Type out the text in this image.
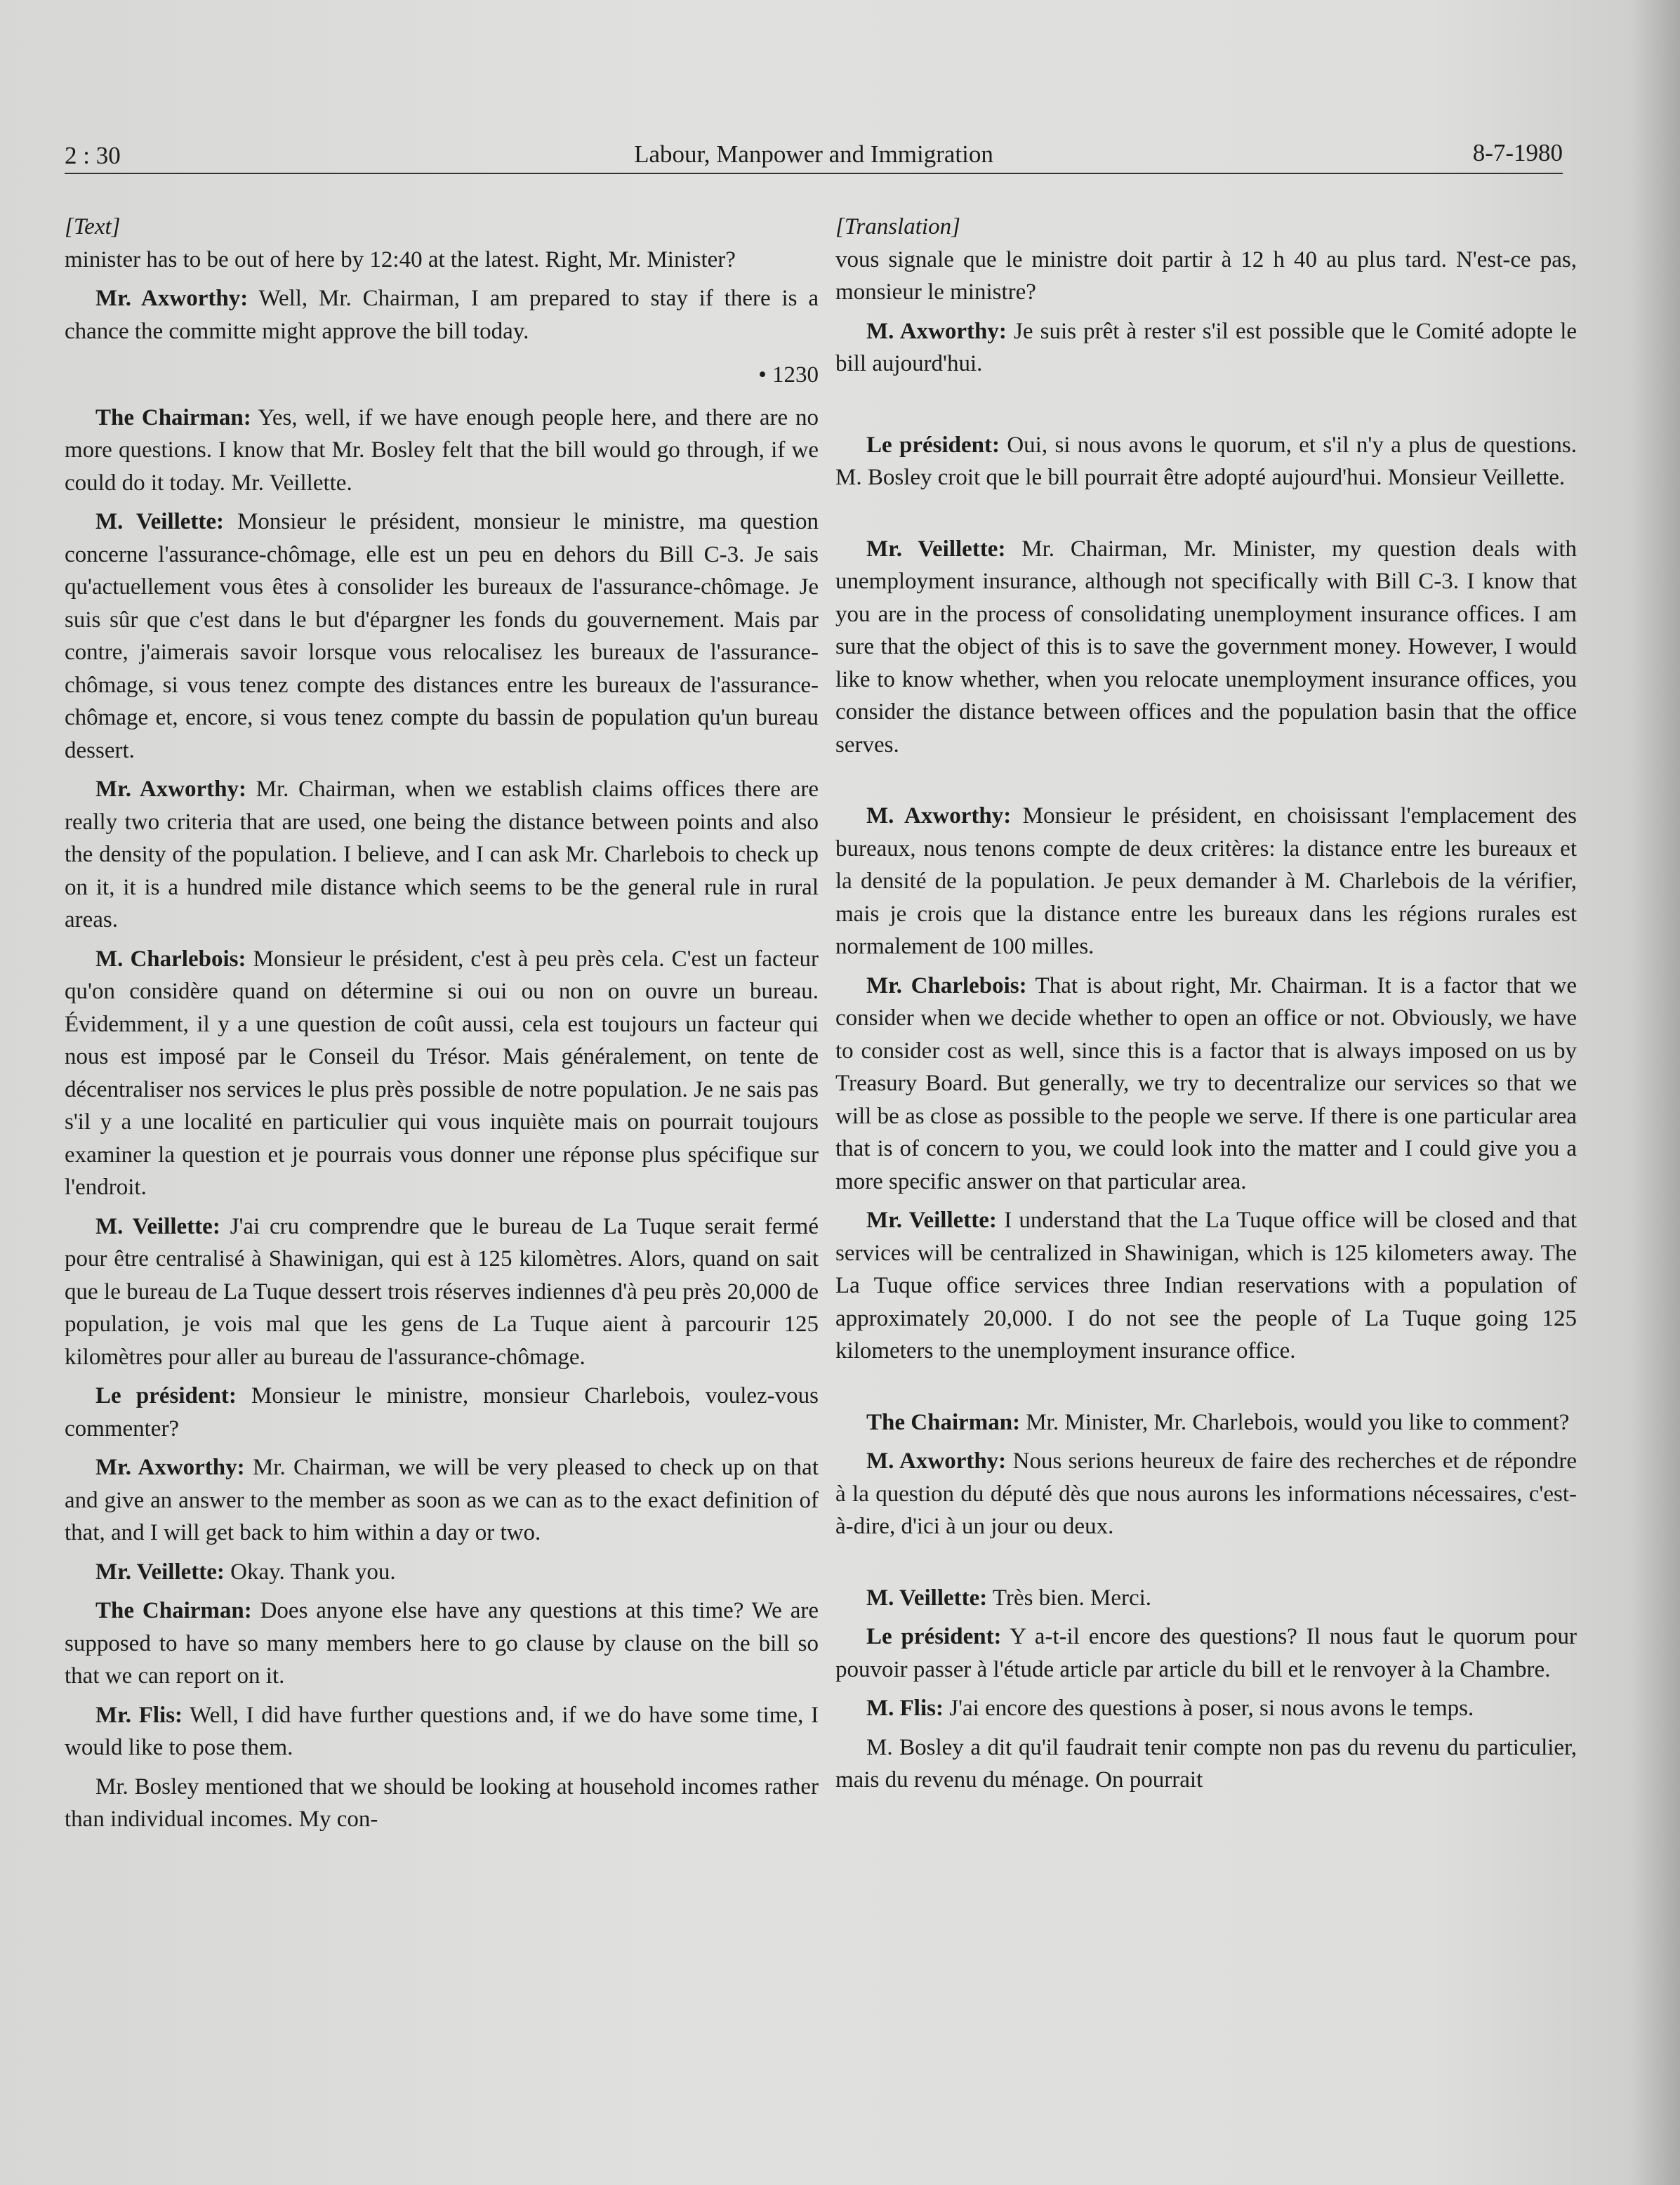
2 : 30	Labour, Manpower and Immigration	8-7-1980
[Text]

minister has to be out of here by 12:40 at the latest. Right, Mr. Minister?

Mr. Axworthy: Well, Mr. Chairman, I am prepared to stay if there is a chance the committe might approve the bill today.

• 1230

The Chairman: Yes, well, if we have enough people here, and there are no more questions. I know that Mr. Bosley felt that the bill would go through, if we could do it today. Mr. Veillette.

M. Veillette: Monsieur le président, monsieur le ministre, ma question concerne l'assurance-chômage, elle est un peu en dehors du Bill C-3. Je sais qu'actuellement vous êtes à consolider les bureaux de l'assurance-chômage. Je suis sûr que c'est dans le but d'épargner les fonds du gouvernement. Mais par contre, j'aimerais savoir lorsque vous relocalisez les bureaux de l'assurance-chômage, si vous tenez compte des distances entre les bureaux de l'assurance-chômage et, encore, si vous tenez compte du bassin de population qu'un bureau dessert.

Mr. Axworthy: Mr. Chairman, when we establish claims offices there are really two criteria that are used, one being the distance between points and also the density of the population. I believe, and I can ask Mr. Charlebois to check up on it, it is a hundred mile distance which seems to be the general rule in rural areas.

M. Charlebois: Monsieur le président, c'est à peu près cela. C'est un facteur qu'on considère quand on détermine si oui ou non on ouvre un bureau. Évidemment, il y a une question de coût aussi, cela est toujours un facteur qui nous est imposé par le Conseil du Trésor. Mais généralement, on tente de décentraliser nos services le plus près possible de notre population. Je ne sais pas s'il y a une localité en particulier qui vous inquiète mais on pourrait toujours examiner la question et je pourrais vous donner une réponse plus spécifique sur l'endroit.

M. Veillette: J'ai cru comprendre que le bureau de La Tuque serait fermé pour être centralisé à Shawinigan, qui est à 125 kilomètres. Alors, quand on sait que le bureau de La Tuque dessert trois réserves indiennes d'à peu près 20,000 de population, je vois mal que les gens de La Tuque aient à parcourir 125 kilomètres pour aller au bureau de l'assurance-chômage.

Le président: Monsieur le ministre, monsieur Charlebois, voulez-vous commenter?

Mr. Axworthy: Mr. Chairman, we will be very pleased to check up on that and give an answer to the member as soon as we can as to the exact definition of that, and I will get back to him within a day or two.

Mr. Veillette: Okay. Thank you.

The Chairman: Does anyone else have any questions at this time? We are supposed to have so many members here to go clause by clause on the bill so that we can report on it.

Mr. Flis: Well, I did have further questions and, if we do have some time, I would like to pose them.

Mr. Bosley mentioned that we should be looking at household incomes rather than individual incomes. My con-

[Translation]

vous signale que le ministre doit partir à 12 h 40 au plus tard. N'est-ce pas, monsieur le ministre?

M. Axworthy: Je suis prêt à rester s'il est possible que le Comité adopte le bill aujourd'hui.

Le président: Oui, si nous avons le quorum, et s'il n'y a plus de questions. M. Bosley croit que le bill pourrait être adopté aujourd'hui. Monsieur Veillette.

Mr. Veillette: Mr. Chairman, Mr. Minister, my question deals with unemployment insurance, although not specifically with Bill C-3. I know that you are in the process of consolidating unemployment insurance offices. I am sure that the object of this is to save the government money. However, I would like to know whether, when you relocate unemployment insurance offices, you consider the distance between offices and the population basin that the office serves.

M. Axworthy: Monsieur le président, en choisissant l'emplacement des bureaux, nous tenons compte de deux critères: la distance entre les bureaux et la densité de la population. Je peux demander à M. Charlebois de la vérifier, mais je crois que la distance entre les bureaux dans les régions rurales est normalement de 100 milles.

Mr. Charlebois: That is about right, Mr. Chairman. It is a factor that we consider when we decide whether to open an office or not. Obviously, we have to consider cost as well, since this is a factor that is always imposed on us by Treasury Board. But generally, we try to decentralize our services so that we will be as close as possible to the people we serve. If there is one particular area that is of concern to you, we could look into the matter and I could give you a more specific answer on that particular area.

Mr. Veillette: I understand that the La Tuque office will be closed and that services will be centralized in Shawinigan, which is 125 kilometers away. The La Tuque office services three Indian reservations with a population of approximately 20,000. I do not see the people of La Tuque going 125 kilometers to the unemployment insurance office.

The Chairman: Mr. Minister, Mr. Charlebois, would you like to comment?

M. Axworthy: Nous serions heureux de faire des recherches et de répondre à la question du député dès que nous aurons les informations nécessaires, c'est-à-dire, d'ici à un jour ou deux.

M. Veillette: Très bien. Merci.

Le président: Y a-t-il encore des questions? Il nous faut le quorum pour pouvoir passer à l'étude article par article du bill et le renvoyer à la Chambre.

M. Flis: J'ai encore des questions à poser, si nous avons le temps.

M. Bosley a dit qu'il faudrait tenir compte non pas du revenu du particulier, mais du revenu du ménage. On pourrait
